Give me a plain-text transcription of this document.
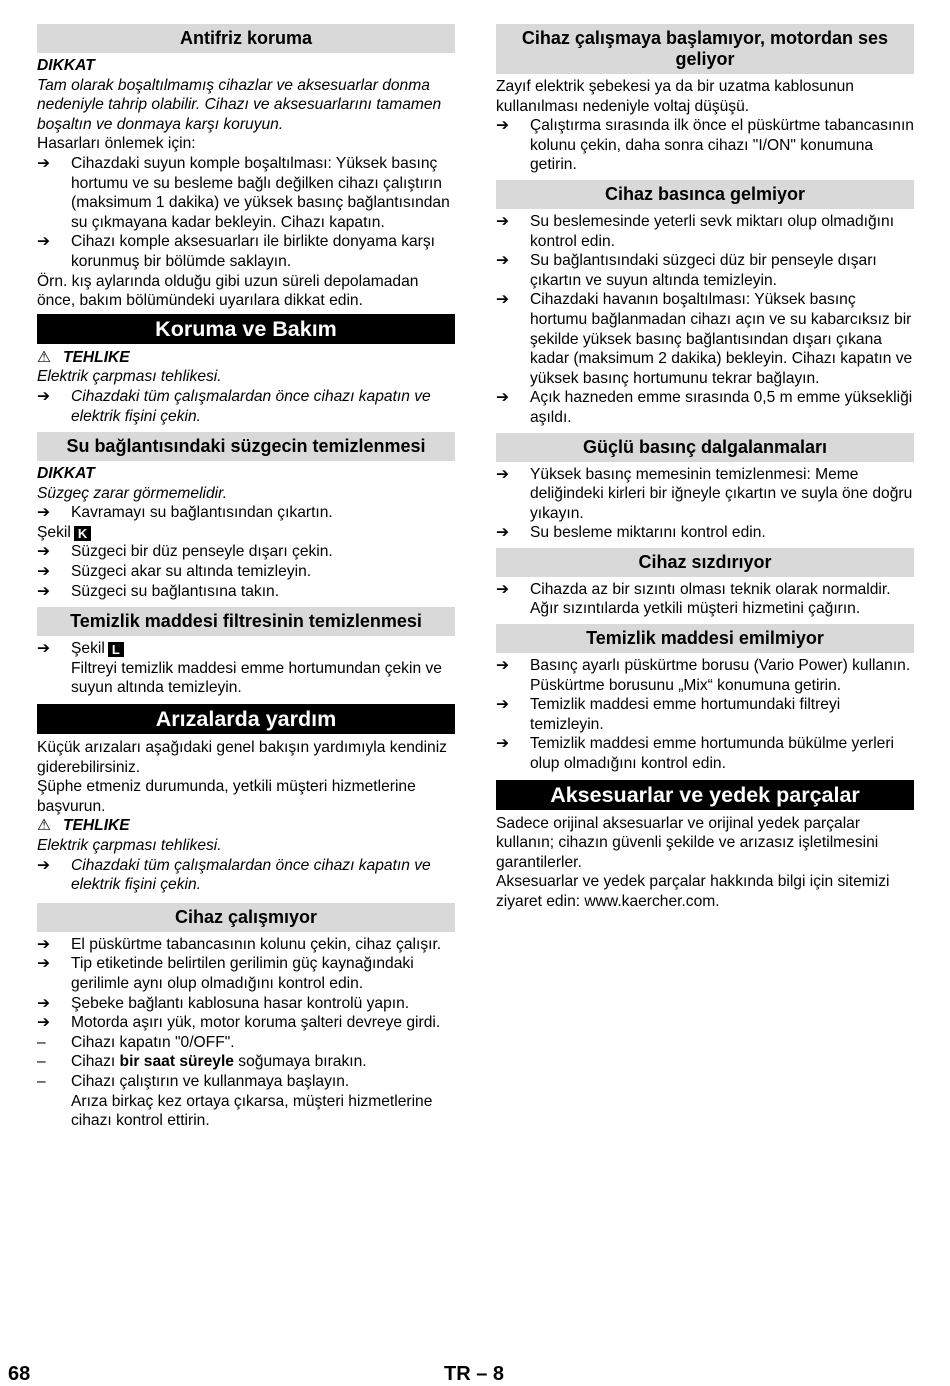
Antifriz koruma

DIKKAT

Tam olarak boşaltılmamış cihazlar ve aksesuarlar donma nedeniyle tahrip olabilir. Cihazı ve aksesuarlarını tamamen boşaltın ve donmaya karşı koruyun.

Hasarları önlemek için:

➔	Cihazdaki suyun komple boşaltılması: Yüksek basınç hortumu ve su besleme bağlı değilken cihazı çalıştırın (maksimum 1 dakika) ve yüksek basınç bağlantısından su çıkmayana kadar bekleyin. Cihazı kapatın.
➔	Cihazı komple aksesuarları ile birlikte donyama karşı korunmuş bir bölümde saklayın.

Örn. kış aylarında olduğu gibi uzun süreli depolamadan önce, bakım bölümündeki uyarılara dikkat edin.

Koruma ve Bakım

⚠ TEHLIKE

Elektrik çarpması tehlikesi.

➔	Cihazdaki tüm çalışmalardan önce cihazı kapatın ve elektrik fişini çekin.
Su bağlantısındaki süzgecin temizlenmesi

DIKKAT

Süzgeç zarar görmemelidir.

➔	Kavramayı su bağlantısından çıkartın.

Şekil K

➔	Süzgeci bir düz penseyle dışarı çekin.
➔	Süzgeci akar su altında temizleyin.
➔	Süzgeci su bağlantısına takın.
Temizlik maddesi filtresinin temizlenmesi
➔	Şekil L
Filtreyi temizlik maddesi emme hortumundan çekin ve suyun altında temizleyin.
Arızalarda yardım

Küçük arızaları aşağıdaki genel bakışın yardımıyla kendiniz giderebilirsiniz.

Şüphe etmeniz durumunda, yetkili müşteri hizmetlerine başvurun.

⚠ TEHLIKE

Elektrik çarpması tehlikesi.

➔	Cihazdaki tüm çalışmalardan önce cihazı kapatın ve elektrik fişini çekin.
Cihaz çalışmıyor
➔	El püskürtme tabancasının kolunu çekin, cihaz çalışır.
➔	Tip etiketinde belirtilen gerilimin güç kaynağındaki gerilimle aynı olup olmadığını kontrol edin.
➔	Şebeke bağlantı kablosuna hasar kontrolü yapın.
➔	Motorda aşırı yük, motor koruma şalteri devreye girdi.
–	Cihazı kapatın "0/OFF".
–	Cihazı bir saat süreyle soğumaya bırakın.
–	Cihazı çalıştırın ve kullanmaya başlayın.
Arıza birkaç kez ortaya çıkarsa, müşteri hizmetlerine cihazı kontrol ettirin.
Cihaz çalışmaya başlamıyor, motordan ses geliyor

Zayıf elektrik şebekesi ya da bir uzatma kablosunun kullanılması nedeniyle voltaj düşüşü.

➔	Çalıştırma sırasında ilk önce el püskürtme tabancasının kolunu çekin, daha sonra cihazı "I/ON" konumuna getirin.
Cihaz basınca gelmiyor
➔	Su beslemesinde yeterli sevk miktarı olup olmadığını kontrol edin.
➔	Su bağlantısındaki süzgeci düz bir penseyle dışarı çıkartın ve suyun altında temizleyin.
➔	Cihazdaki havanın boşaltılması: Yüksek basınç hortumu bağlanmadan cihazı açın ve su kabarcıksız bir şekilde yüksek basınç bağlantısından dışarı çıkana kadar (maksimum 2 dakika) bekleyin. Cihazı kapatın ve yüksek basınç hortumunu tekrar bağlayın.
➔	Açık hazneden emme sırasında 0,5 m emme yüksekliği aşıldı.
Güçlü basınç dalgalanmaları
➔	Yüksek basınç memesinin temizlenmesi: Meme deliğindeki kirleri bir iğneyle çıkartın ve suyla öne doğru yıkayın.
➔	Su besleme miktarını kontrol edin.
Cihaz sızdırıyor
➔	Cihazda az bir sızıntı olması teknik olarak normaldir. Ağır sızıntılarda yetkili müşteri hizmetini çağırın.
Temizlik maddesi emilmiyor
➔	Basınç ayarlı püskürtme borusu (Vario Power) kullanın.
Püskürtme borusunu „Mix“ konumuna getirin.
➔	Temizlik maddesi emme hortumundaki filtreyi temizleyin.
➔	Temizlik maddesi emme hortumunda bükülme yerleri olup olmadığını kontrol edin.
Aksesuarlar ve yedek parçalar

Sadece orijinal aksesuarlar ve orijinal yedek parçalar kullanın; cihazın güvenli şekilde ve arızasız işletilmesini garantilerler.

Aksesuarlar ve yedek parçalar hakkında bilgi için sitemizi ziyaret edin: www.kaercher.com.

68	TR – 8
